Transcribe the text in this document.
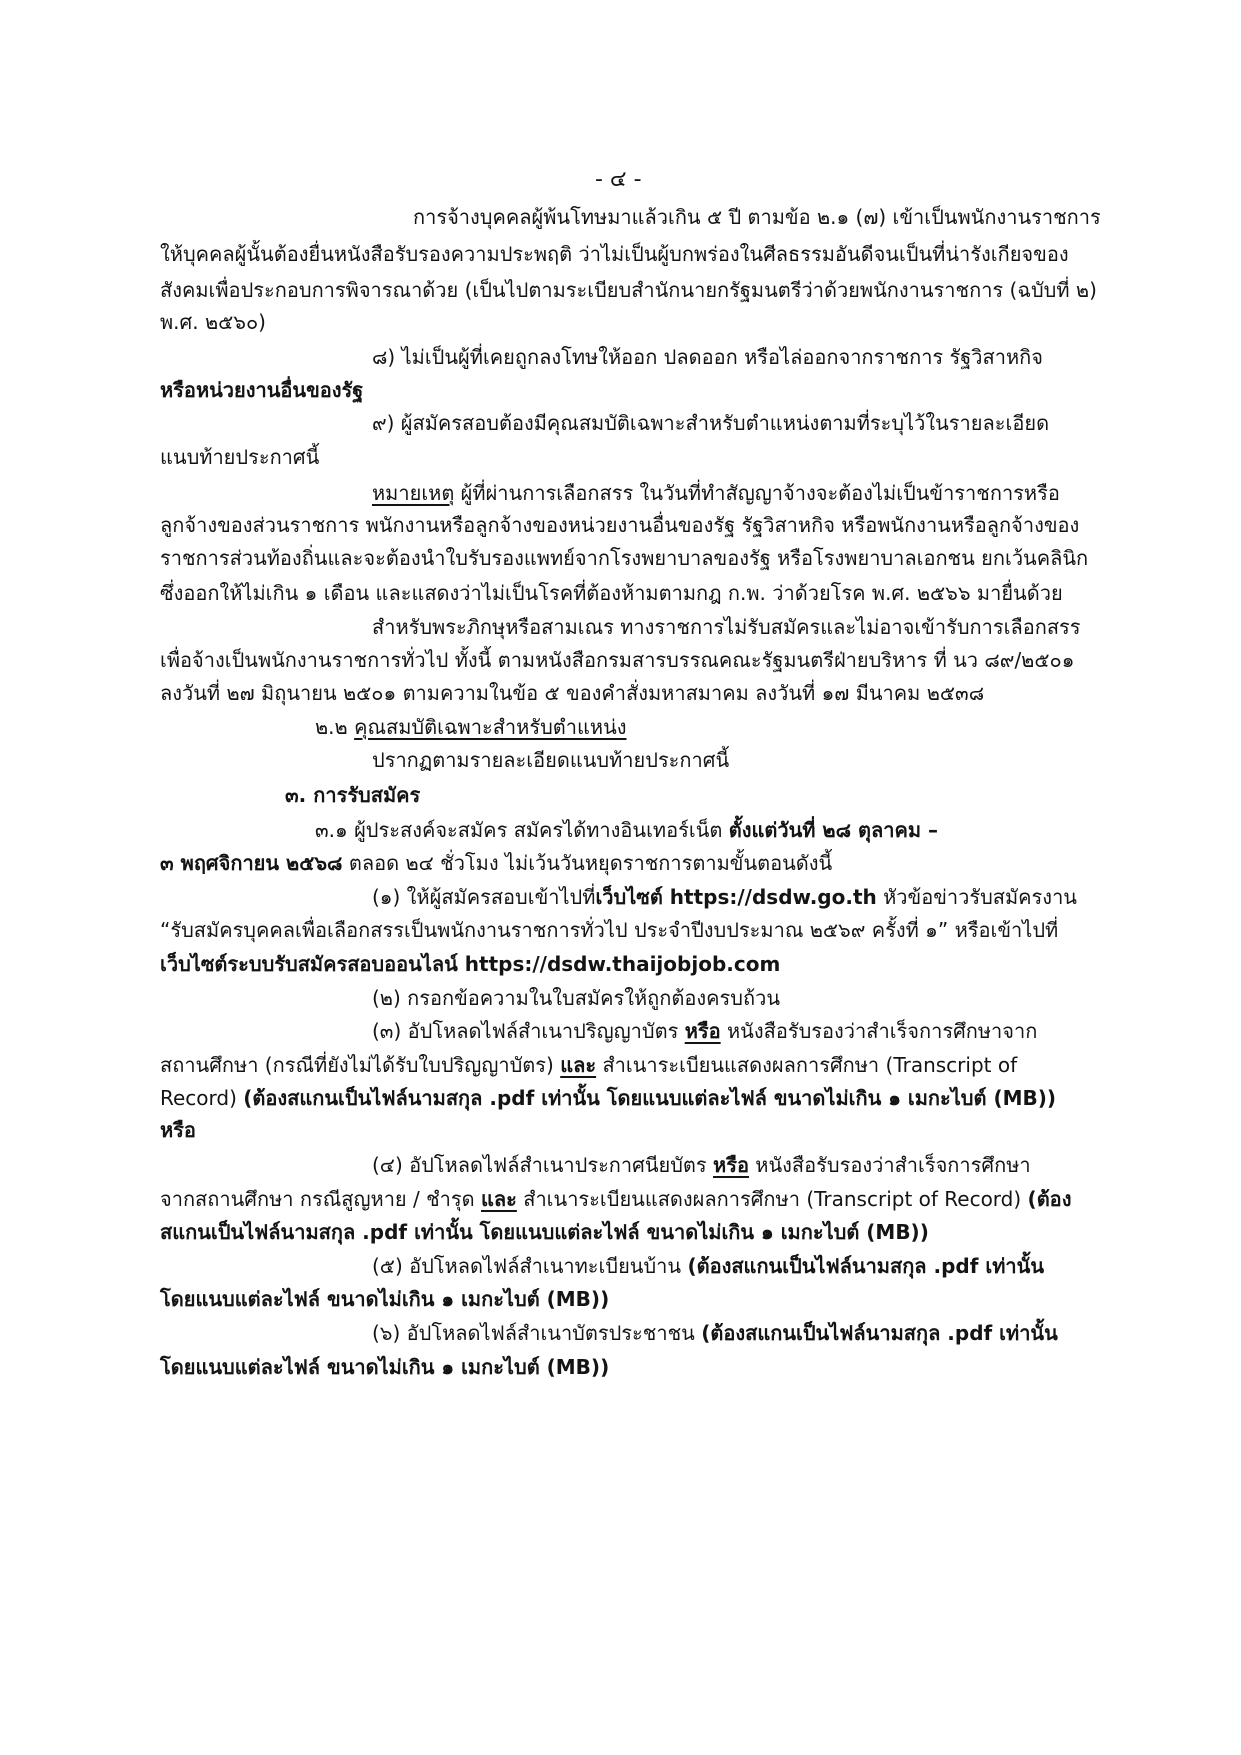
- ๔ -
การจ้างบุคคลผู้พ้นโทษมาแล้วเกิน ๕ ปี ตามข้อ ๒.๑ (๗) เข้าเป็นพนักงานราชการ
ให้บุคคลผู้นั้นต้องยื่นหนังสือรับรองความประพฤติ ว่าไม่เป็นผู้บกพร่องในศีลธรรมอันดีจนเป็นที่น่ารังเกียจของ
สังคมเพื่อประกอบการพิจารณาด้วย (เป็นไปตามระเบียบสำนักนายกรัฐมนตรีว่าด้วยพนักงานราชการ (ฉบับที่ ๒)
พ.ศ. ๒๕๖๐)
๘) ไม่เป็นผู้ที่เคยถูกลงโทษให้ออก ปลดออก หรือไล่ออกจากราชการ รัฐวิสาหกิจ
หรือหน่วยงานอื่นของรัฐ
๙) ผู้สมัครสอบต้องมีคุณสมบัติเฉพาะสำหรับตำแหน่งตามที่ระบุไว้ในรายละเอียด
แนบท้ายประกาศนี้
หมายเหตุ ผู้ที่ผ่านการเลือกสรร ในวันที่ทำสัญญาจ้างจะต้องไม่เป็นข้าราชการหรือ
ลูกจ้างของส่วนราชการ พนักงานหรือลูกจ้างของหน่วยงานอื่นของรัฐ รัฐวิสาหกิจ หรือพนักงานหรือลูกจ้างของ
ราชการส่วนท้องถิ่นและจะต้องนำใบรับรองแพทย์จากโรงพยาบาลของรัฐ หรือโรงพยาบาลเอกชน ยกเว้นคลินิก
ซึ่งออกให้ไม่เกิน ๑ เดือน และแสดงว่าไม่เป็นโรคที่ต้องห้ามตามกฎ ก.พ. ว่าด้วยโรค พ.ศ. ๒๕๖๖ มายื่นด้วย
สำหรับพระภิกษุหรือสามเณร ทางราชการไม่รับสมัครและไม่อาจเข้ารับการเลือกสรร
เพื่อจ้างเป็นพนักงานราชการทั่วไป ทั้งนี้ ตามหนังสือกรมสารบรรณคณะรัฐมนตรีฝ่ายบริหาร ที่ นว ๘๙/๒๕๐๑
ลงวันที่ ๒๗ มิถุนายน ๒๕๐๑ ตามความในข้อ ๕ ของคำสั่งมหาสมาคม ลงวันที่ ๑๗ มีนาคม ๒๕๓๘
๒.๒ คุณสมบัติเฉพาะสำหรับตำแหน่ง
ปรากฏตามรายละเอียดแนบท้ายประกาศนี้
๓. การรับสมัคร
๓.๑ ผู้ประสงค์จะสมัคร สมัครได้ทางอินเทอร์เน็ต ตั้งแต่วันที่ ๒๘ ตุลาคม –
๓ พฤศจิกายน ๒๕๖๘ ตลอด ๒๔ ชั่วโมง ไม่เว้นวันหยุดราชการตามขั้นตอนดังนี้
(๑) ให้ผู้สมัครสอบเข้าไปที่เว็บไซต์ https://dsdw.go.th หัวข้อข่าวรับสมัครงาน
“รับสมัครบุคคลเพื่อเลือกสรรเป็นพนักงานราชการทั่วไป ประจำปีงบประมาณ ๒๕๖๙ ครั้งที่ ๑” หรือเข้าไปที่
เว็บไซต์ระบบรับสมัครสอบออนไลน์ https://dsdw.thaijobjob.com
(๒) กรอกข้อความในใบสมัครให้ถูกต้องครบถ้วน
(๓) อัปโหลดไฟล์สำเนาปริญญาบัตร หรือ หนังสือรับรองว่าสำเร็จการศึกษาจาก
สถานศึกษา (กรณีที่ยังไม่ได้รับใบปริญญาบัตร) และ สำเนาระเบียนแสดงผลการศึกษา (Transcript of
Record) (ต้องสแกนเป็นไฟล์นามสกุล .pdf เท่านั้น โดยแนบแต่ละไฟล์ ขนาดไม่เกิน ๑ เมกะไบต์ (MB))
หรือ
(๔) อัปโหลดไฟล์สำเนาประกาศนียบัตร หรือ หนังสือรับรองว่าสำเร็จการศึกษา
จากสถานศึกษา กรณีสูญหาย / ชำรุด และ สำเนาระเบียนแสดงผลการศึกษา (Transcript of Record) (ต้อง
สแกนเป็นไฟล์นามสกุล .pdf เท่านั้น โดยแนบแต่ละไฟล์ ขนาดไม่เกิน ๑ เมกะไบต์ (MB))
(๕) อัปโหลดไฟล์สำเนาทะเบียนบ้าน (ต้องสแกนเป็นไฟล์นามสกุล .pdf เท่านั้น
โดยแนบแต่ละไฟล์ ขนาดไม่เกิน ๑ เมกะไบต์ (MB))
(๖) อัปโหลดไฟล์สำเนาบัตรประชาชน (ต้องสแกนเป็นไฟล์นามสกุล .pdf เท่านั้น
โดยแนบแต่ละไฟล์ ขนาดไม่เกิน ๑ เมกะไบต์ (MB))
